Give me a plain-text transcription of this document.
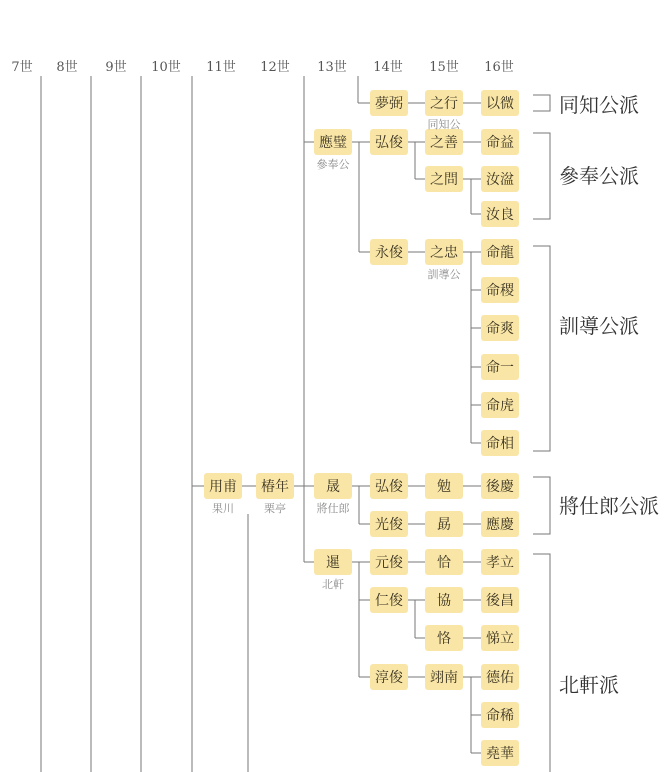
7世	8世	9世	10世	11世	12世	13世	14世	15世	16世
用甫	椿年
應璧
晟
暹
夢弼
弘俊
永俊
弘俊
光俊
元俊
仁俊
淳俊
之行
之善
之問
之忠
勉
勗
恰
協
恪
翊南
以微
命益
汝湓
汝良
命龍
命稷
命爽
命一
命虎
命相
後慶
應慶
孝立
後昌
悌立
德佑
命稀
堯華
同知公
參奉公
訓導公
果川	栗亭	將仕郎
北軒
同知公派
參奉公派
訓導公派
將仕郎公派
北軒派
